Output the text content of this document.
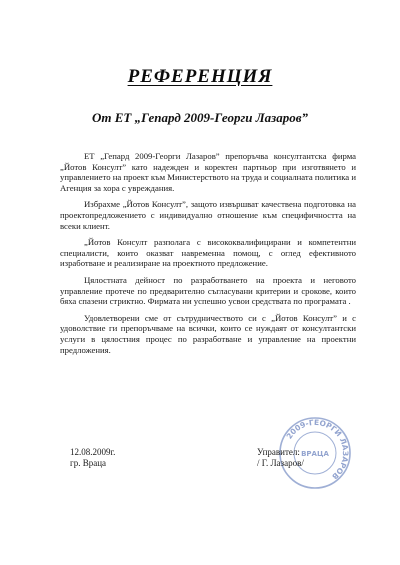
РЕФЕРЕНЦИЯ
От ЕТ „Гепард 2009-Георги Лазаров”

ЕТ „Гепард 2009-Георги Лазаров” препоръчва консултантска фирма „Йотов Консулт” като надежден и коректен партньор при изготвянето и управлението на проект към Министерството на труда и социалната политика и Агенция за хора с увреждания.

Избрахме „Йотов Консулт”, защото извършват качествена подготовка на проектопредложението с индивидуално отношение към специфичността на всеки клиент.

„Йотов Консулт разполага с висококвалифицирани и компетентни специалисти, които оказват навременна помощ, с оглед ефективното изработване и реализиране на проектното предложение.

Цялостната дейност по разработването на проекта и неговото управление протече по предварително съгласувани критерии и срокове, които бяха спазени стриктно. Фирмата ни успешно усвои средствата по програмата .

Удовлетворени сме от сътрудничеството си с „Йотов Консулт” и с удоволствие ги препоръчваме на всички, които се нуждаят от консултантски услуги в цялостния процес по разработване и управление на проектни предложения.

12.08.2009г.
гр. Враца
2009-ГЕОРГИ ЛАЗАРОВ
ВРАЦА
Управител:
/ Г. Лазаров/
